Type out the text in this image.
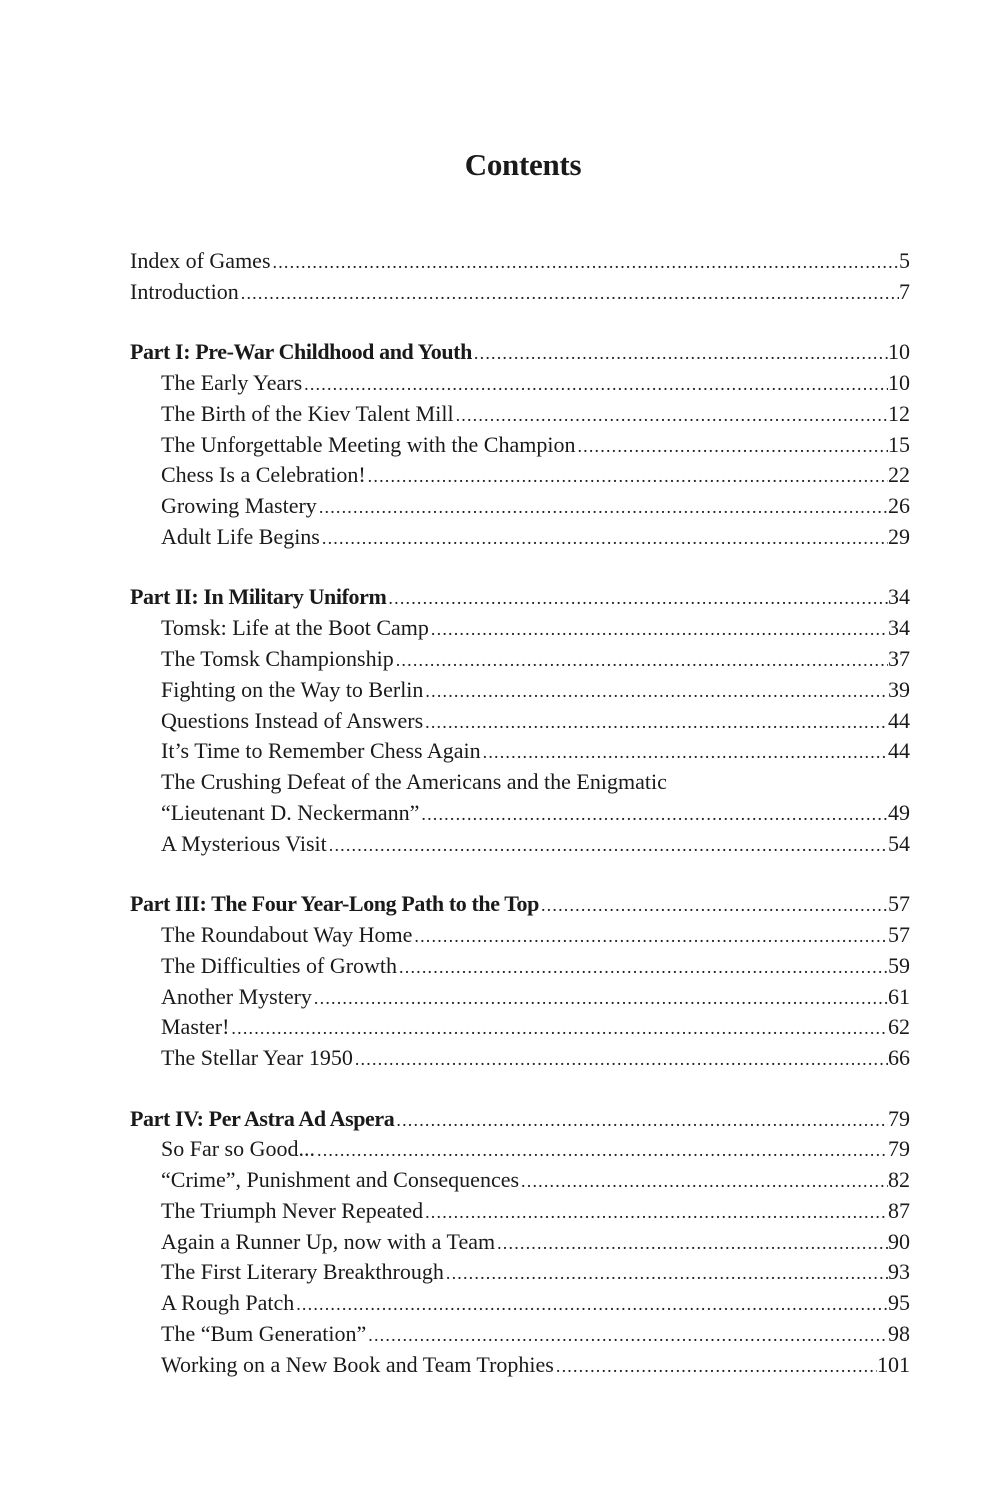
Contents
Index of Games .....	5
Introduction .....	7
Part I: Pre-War Childhood and Youth .....	10
The Early Years .....	10
The Birth of the Kiev Talent Mill .....	12
The Unforgettable Meeting with the Champion .....	15
Chess Is a Celebration! .....	22
Growing Mastery .....	26
Adult Life Begins .....	29
Part II: In Military Uniform .....	34
Tomsk: Life at the Boot Camp .....	34
The Tomsk Championship .....	37
Fighting on the Way to Berlin .....	39
Questions Instead of Answers .....	44
It’s Time to Remember Chess Again .....	44
The Crushing Defeat of the Americans and the Enigmatic
“Lieutenant D. Neckermann” .....	49
A Mysterious Visit .....	54
Part III: The Four Year-Long Path to the Top .....	57
The Roundabout Way Home .....	57
The Difficulties of Growth .....	59
Another Mystery .....	61
Master! .....	62
The Stellar Year 1950 .....	66
Part IV: Per Astra Ad Aspera .....	79
So Far so Good... .....	79
“Crime”, Punishment and Consequences .....	82
The Triumph Never Repeated .....	87
Again a Runner Up, now with a Team .....	90
The First Literary Breakthrough .....	93
A Rough Patch .....	95
The “Bum Generation” .....	98
Working on a New Book and Team Trophies .....	101
